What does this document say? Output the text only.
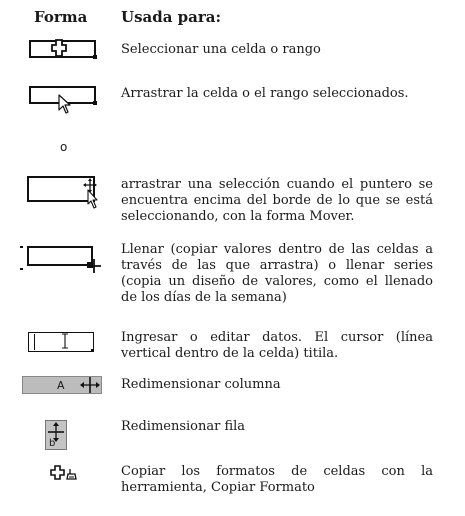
Forma Usada para:
Seleccionar una celda o rango
Arrastrar la celda o el rango seleccionados.
o
arrastrar una selección cuando el puntero se encuentra encima del borde de lo que se está seleccionando, con la forma Mover.
Llenar (copiar valores dentro de las celdas a través de las que arrastra) o llenar series (copia un diseño de valores, como el llenado de los días de la semana)
Ingresar o editar datos. El cursor (línea vertical dentro de la celda) titila.
A	Redimensionar columna
b
Redimensionar fila
Copiar los formatos de celdas con la herramienta, Copiar Formato
